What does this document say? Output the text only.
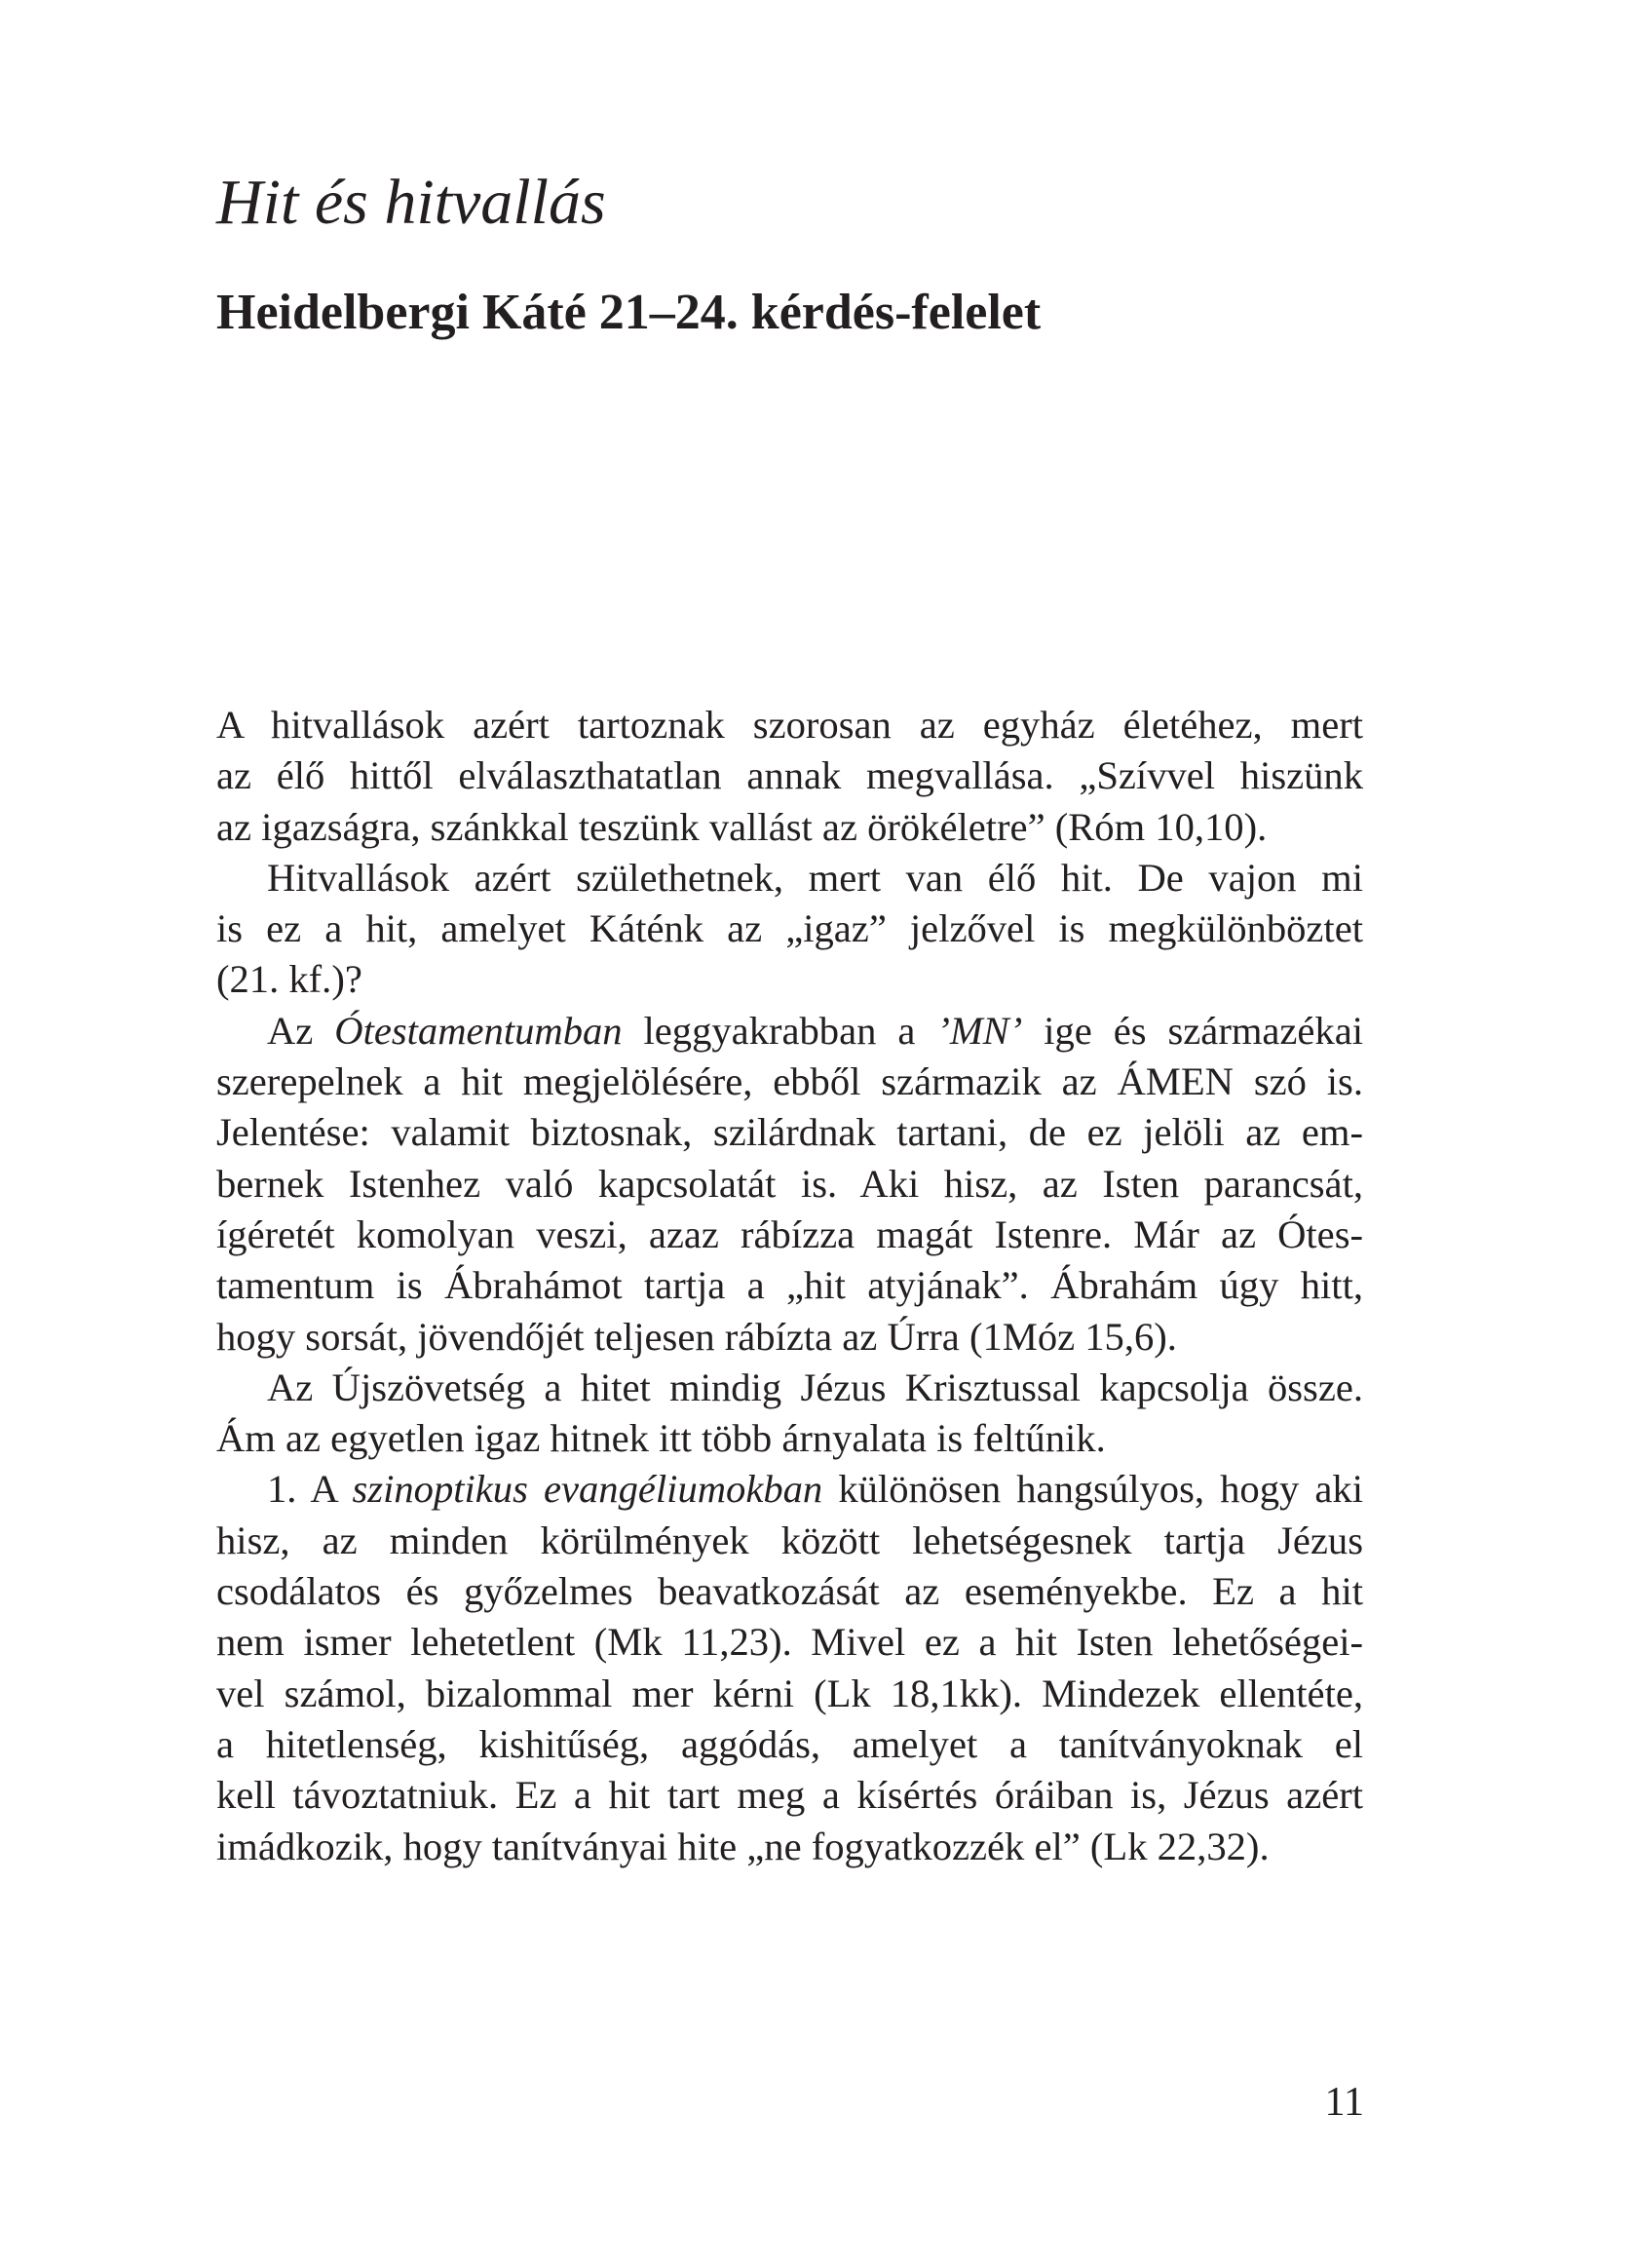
Hit és hitvallás
Heidelbergi Káté 21–24. kérdés-felelet
A hitvallások azért tartoznak szorosan az egyház életéhez, mert
az élő hittől elválaszthatatlan annak megvallása. „Szívvel hiszünk
az igazságra, szánkkal teszünk vallást az örökéletre” (Róm 10,10).
Hitvallások azért születhetnek, mert van élő hit. De vajon mi
is ez a hit, amelyet Káténk az „igaz” jelzővel is megkülönböztet
(21. kf.)?
Az Ótestamentumban leggyakrabban a ’MN’ ige és származékai
szerepelnek a hit megjelölésére, ebből származik az ÁMEN szó is.
Jelentése: valamit biztosnak, szilárdnak tartani, de ez jelöli az em-
bernek Istenhez való kapcsolatát is. Aki hisz, az Isten parancsát,
ígéretét komolyan veszi, azaz rábízza magát Istenre. Már az Ótes-
tamentum is Ábrahámot tartja a „hit atyjának”. Ábrahám úgy hitt,
hogy sorsát, jövendőjét teljesen rábízta az Úrra (1Móz 15,6).
Az Újszövetség a hitet mindig Jézus Krisztussal kapcsolja össze.
Ám az egyetlen igaz hitnek itt több árnyalata is feltűnik.
1. A szinoptikus evangéliumokban különösen hangsúlyos, hogy aki
hisz, az minden körülmények között lehetségesnek tartja Jézus
csodálatos és győzelmes beavatkozását az eseményekbe. Ez a hit
nem ismer lehetetlent (Mk 11,23). Mivel ez a hit Isten lehetőségei-
vel számol, bizalommal mer kérni (Lk 18,1kk). Mindezek ellentéte,
a hitetlenség, kishitűség, aggódás, amelyet a tanítványoknak el
kell távoztatniuk. Ez a hit tart meg a kísértés óráiban is, Jézus azért
imádkozik, hogy tanítványai hite „ne fogyatkozzék el” (Lk 22,32).
11
